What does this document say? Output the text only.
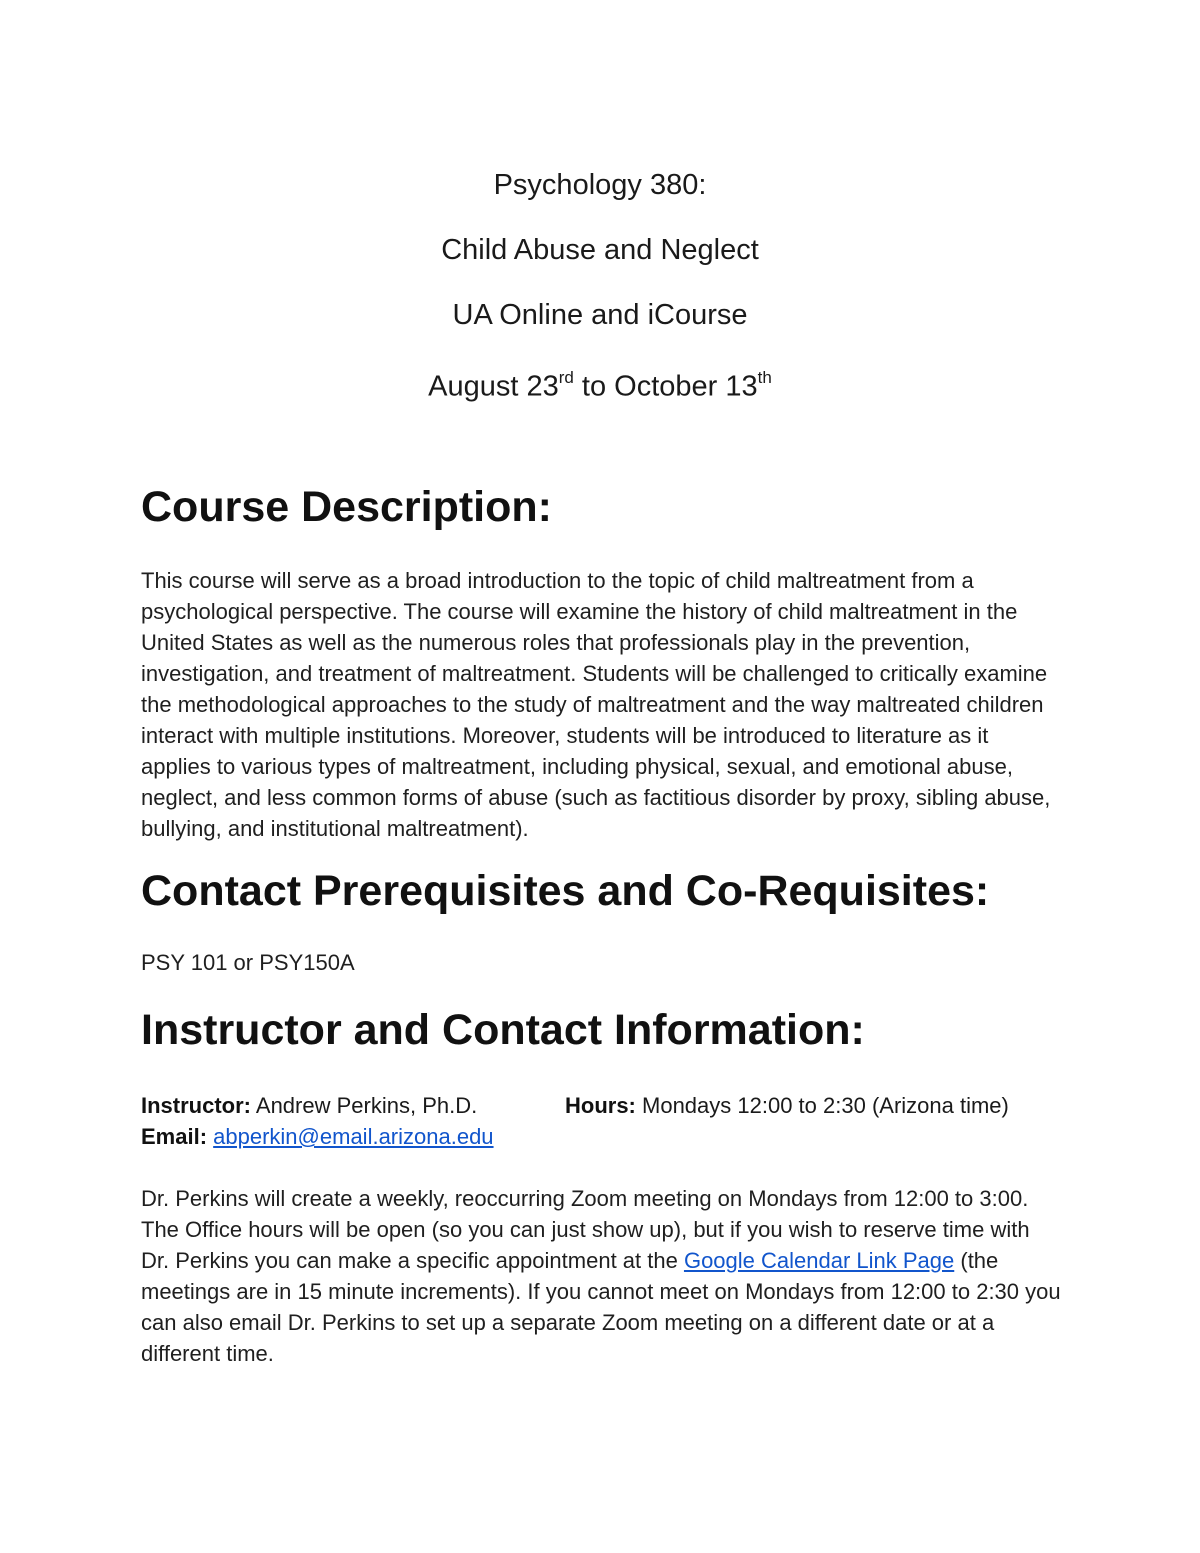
Psychology 380:

Child Abuse and Neglect

UA Online and iCourse

August 23rd to October 13th

Course Description:

This course will serve as a broad introduction to the topic of child maltreatment from a psychological perspective. The course will examine the history of child maltreatment in the United States as well as the numerous roles that professionals play in the prevention, investigation, and treatment of maltreatment. Students will be challenged to critically examine the methodological approaches to the study of maltreatment and the way maltreated children interact with multiple institutions. Moreover, students will be introduced to literature as it applies to various types of maltreatment, including physical, sexual, and emotional abuse, neglect, and less common forms of abuse (such as factitious disorder by proxy, sibling abuse, bullying, and institutional maltreatment).

Contact Prerequisites and Co-Requisites:

PSY 101 or PSY150A

Instructor and Contact Information:
Instructor: Andrew Perkins, Ph.D.	Hours: Mondays 12:00 to 2:30 (Arizona time)
Email:
abperkin@email.arizona.edu

Dr. Perkins will create a weekly, reoccurring Zoom meeting on Mondays from 12:00 to 3:00. The Office hours will be open (so you can just show up), but if you wish to reserve time with Dr. Perkins you can make a specific appointment at the Google Calendar Link Page (the meetings are in 15 minute increments). If you cannot meet on Mondays from 12:00 to 2:30 you can also email Dr. Perkins to set up a separate Zoom meeting on a different date or at a different time.
